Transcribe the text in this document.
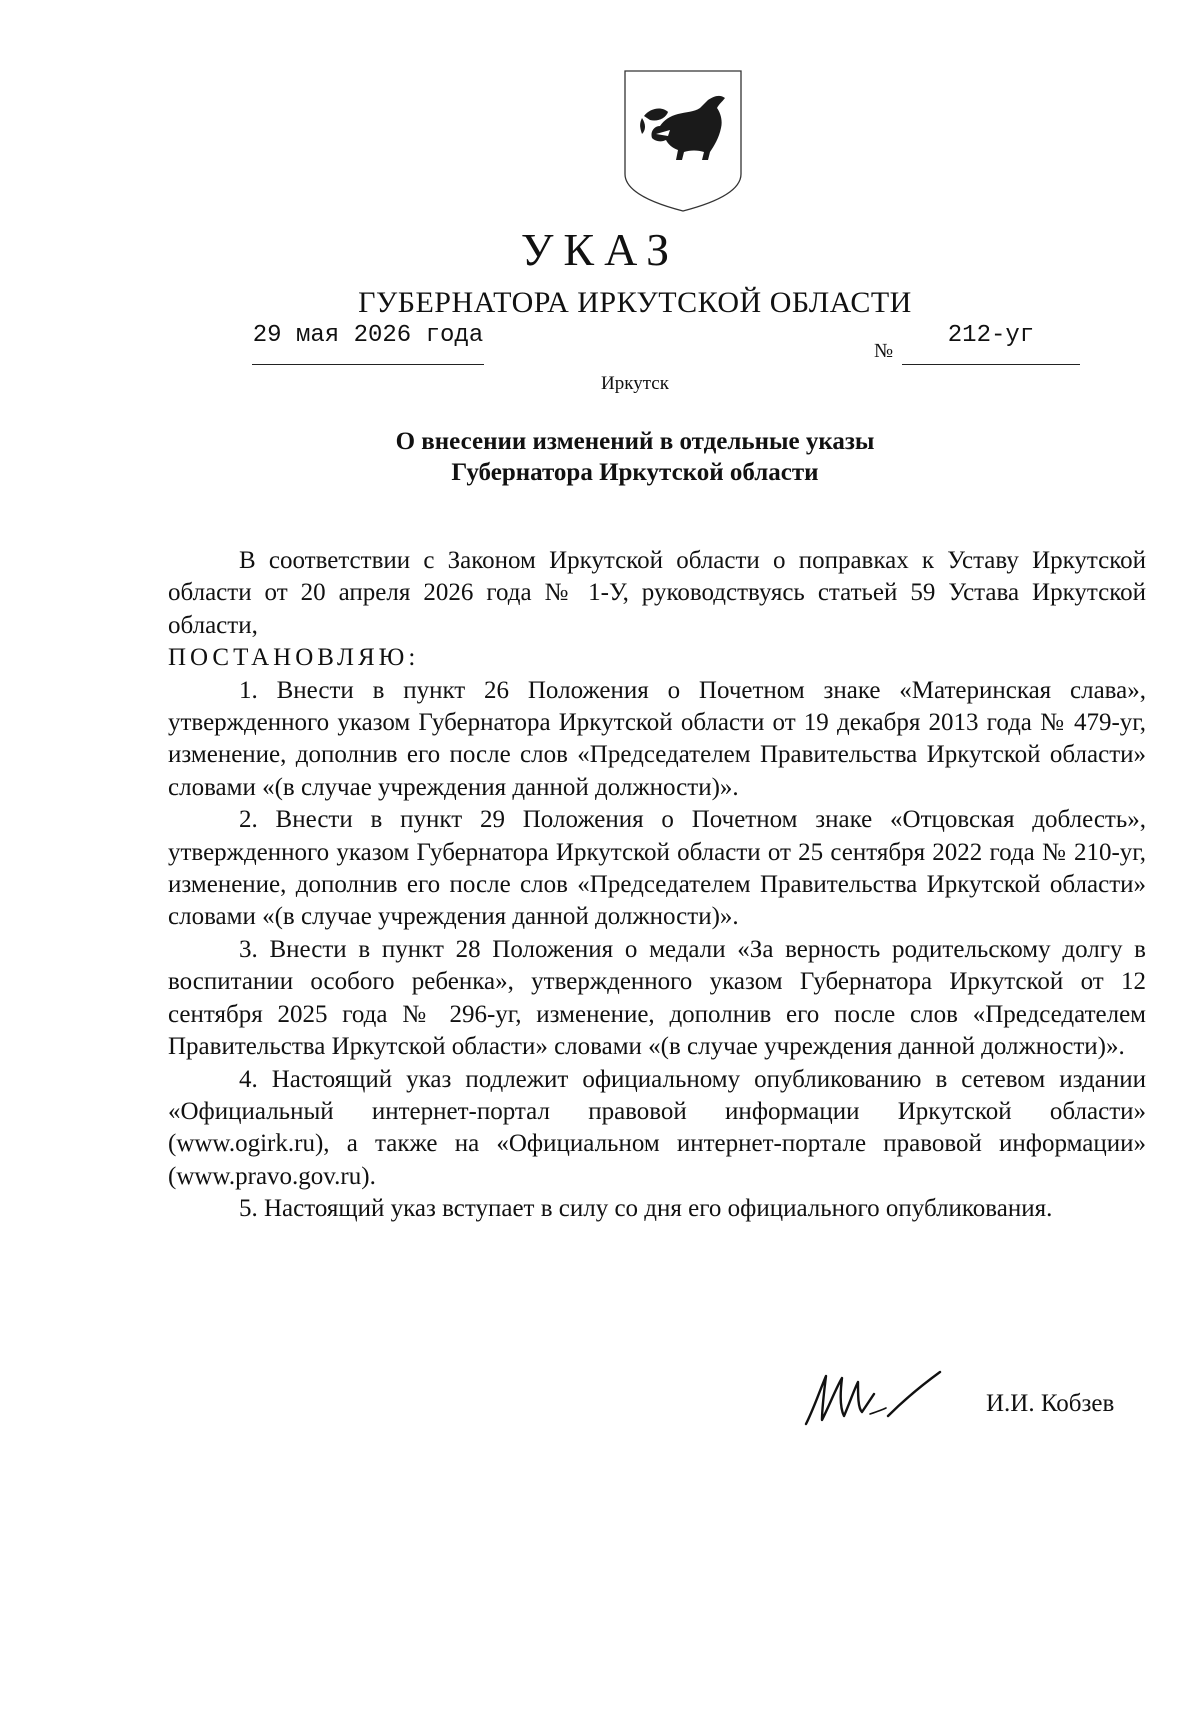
УКАЗ
ГУБЕРНАТОРА ИРКУТСКОЙ ОБЛАСТИ
29 мая 2026 года
№
212-уг
Иркутск
О внесении изменений в отдельные указы
Губернатора Иркутской области

В соответствии с Законом Иркутской области о поправках к Уставу Иркутской области от 20 апреля 2026 года № 1-У, руководствуясь статьей 59 Устава Иркутской области,

ПОСТАНОВЛЯЮ:

1. Внести в пункт 26 Положения о Почетном знаке «Материнская слава», утвержденного указом Губернатора Иркутской области от 19 декабря 2013 года № 479-уг, изменение, дополнив его после слов «Председателем Правительства Иркутской области» словами «(в случае учреждения данной должности)».

2. Внести в пункт 29 Положения о Почетном знаке «Отцовская доблесть», утвержденного указом Губернатора Иркутской области от 25 сентября 2022 года № 210-уг, изменение, дополнив его после слов «Председателем Правительства Иркутской области» словами «(в случае учреждения данной должности)».

3. Внести в пункт 28 Положения о медали «За верность родительскому долгу в воспитании особого ребенка», утвержденного указом Губернатора Иркутской от 12 сентября 2025 года № 296-уг, изменение, дополнив его после слов «Председателем Правительства Иркутской области» словами «(в случае учреждения данной должности)».

4. Настоящий указ подлежит официальному опубликованию в сетевом издании «Официальный интернет-портал правовой информации Иркутской области» (www.ogirk.ru), а также на «Официальном интернет-портале правовой информации» (www.pravo.gov.ru).

5. Настоящий указ вступает в силу со дня его официального опубликования.

И.И. Кобзев
